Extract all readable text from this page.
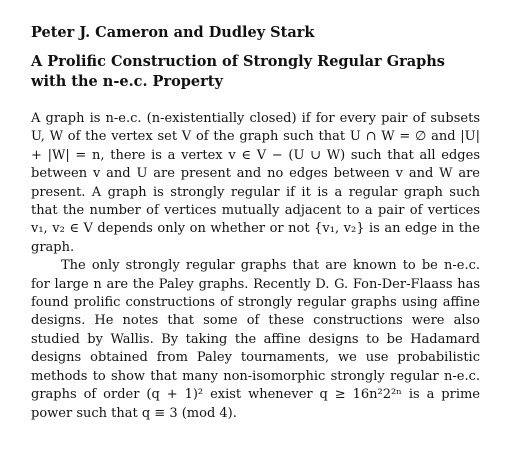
Peter J. Cameron and Dudley Stark
A Prolific Construction of Strongly Regular Graphs with the n-e.c. Property

A graph is n-e.c. (n-existentially closed) if for every pair of subsets U, W of the vertex set V of the graph such that U ∩ W = ∅ and |U| + |W| = n, there is a vertex v ∈ V − (U ∪ W) such that all edges between v and U are present and no edges between v and W are present. A graph is strongly regular if it is a regular graph such that the number of vertices mutually adjacent to a pair of vertices v₁, v₂ ∈ V depends only on whether or not {v₁, v₂} is an edge in the graph.

The only strongly regular graphs that are known to be n-e.c. for large n are the Paley graphs. Recently D. G. Fon-Der-Flaass has found prolific constructions of strongly regular graphs using affine designs. He notes that some of these constructions were also studied by Wallis. By taking the affine designs to be Hadamard designs obtained from Paley tournaments, we use probabilistic methods to show that many non-isomorphic strongly regular n-e.c. graphs of order (q + 1)² exist whenever q ≥ 16n²2²ⁿ is a prime power such that q ≡ 3 (mod 4).
